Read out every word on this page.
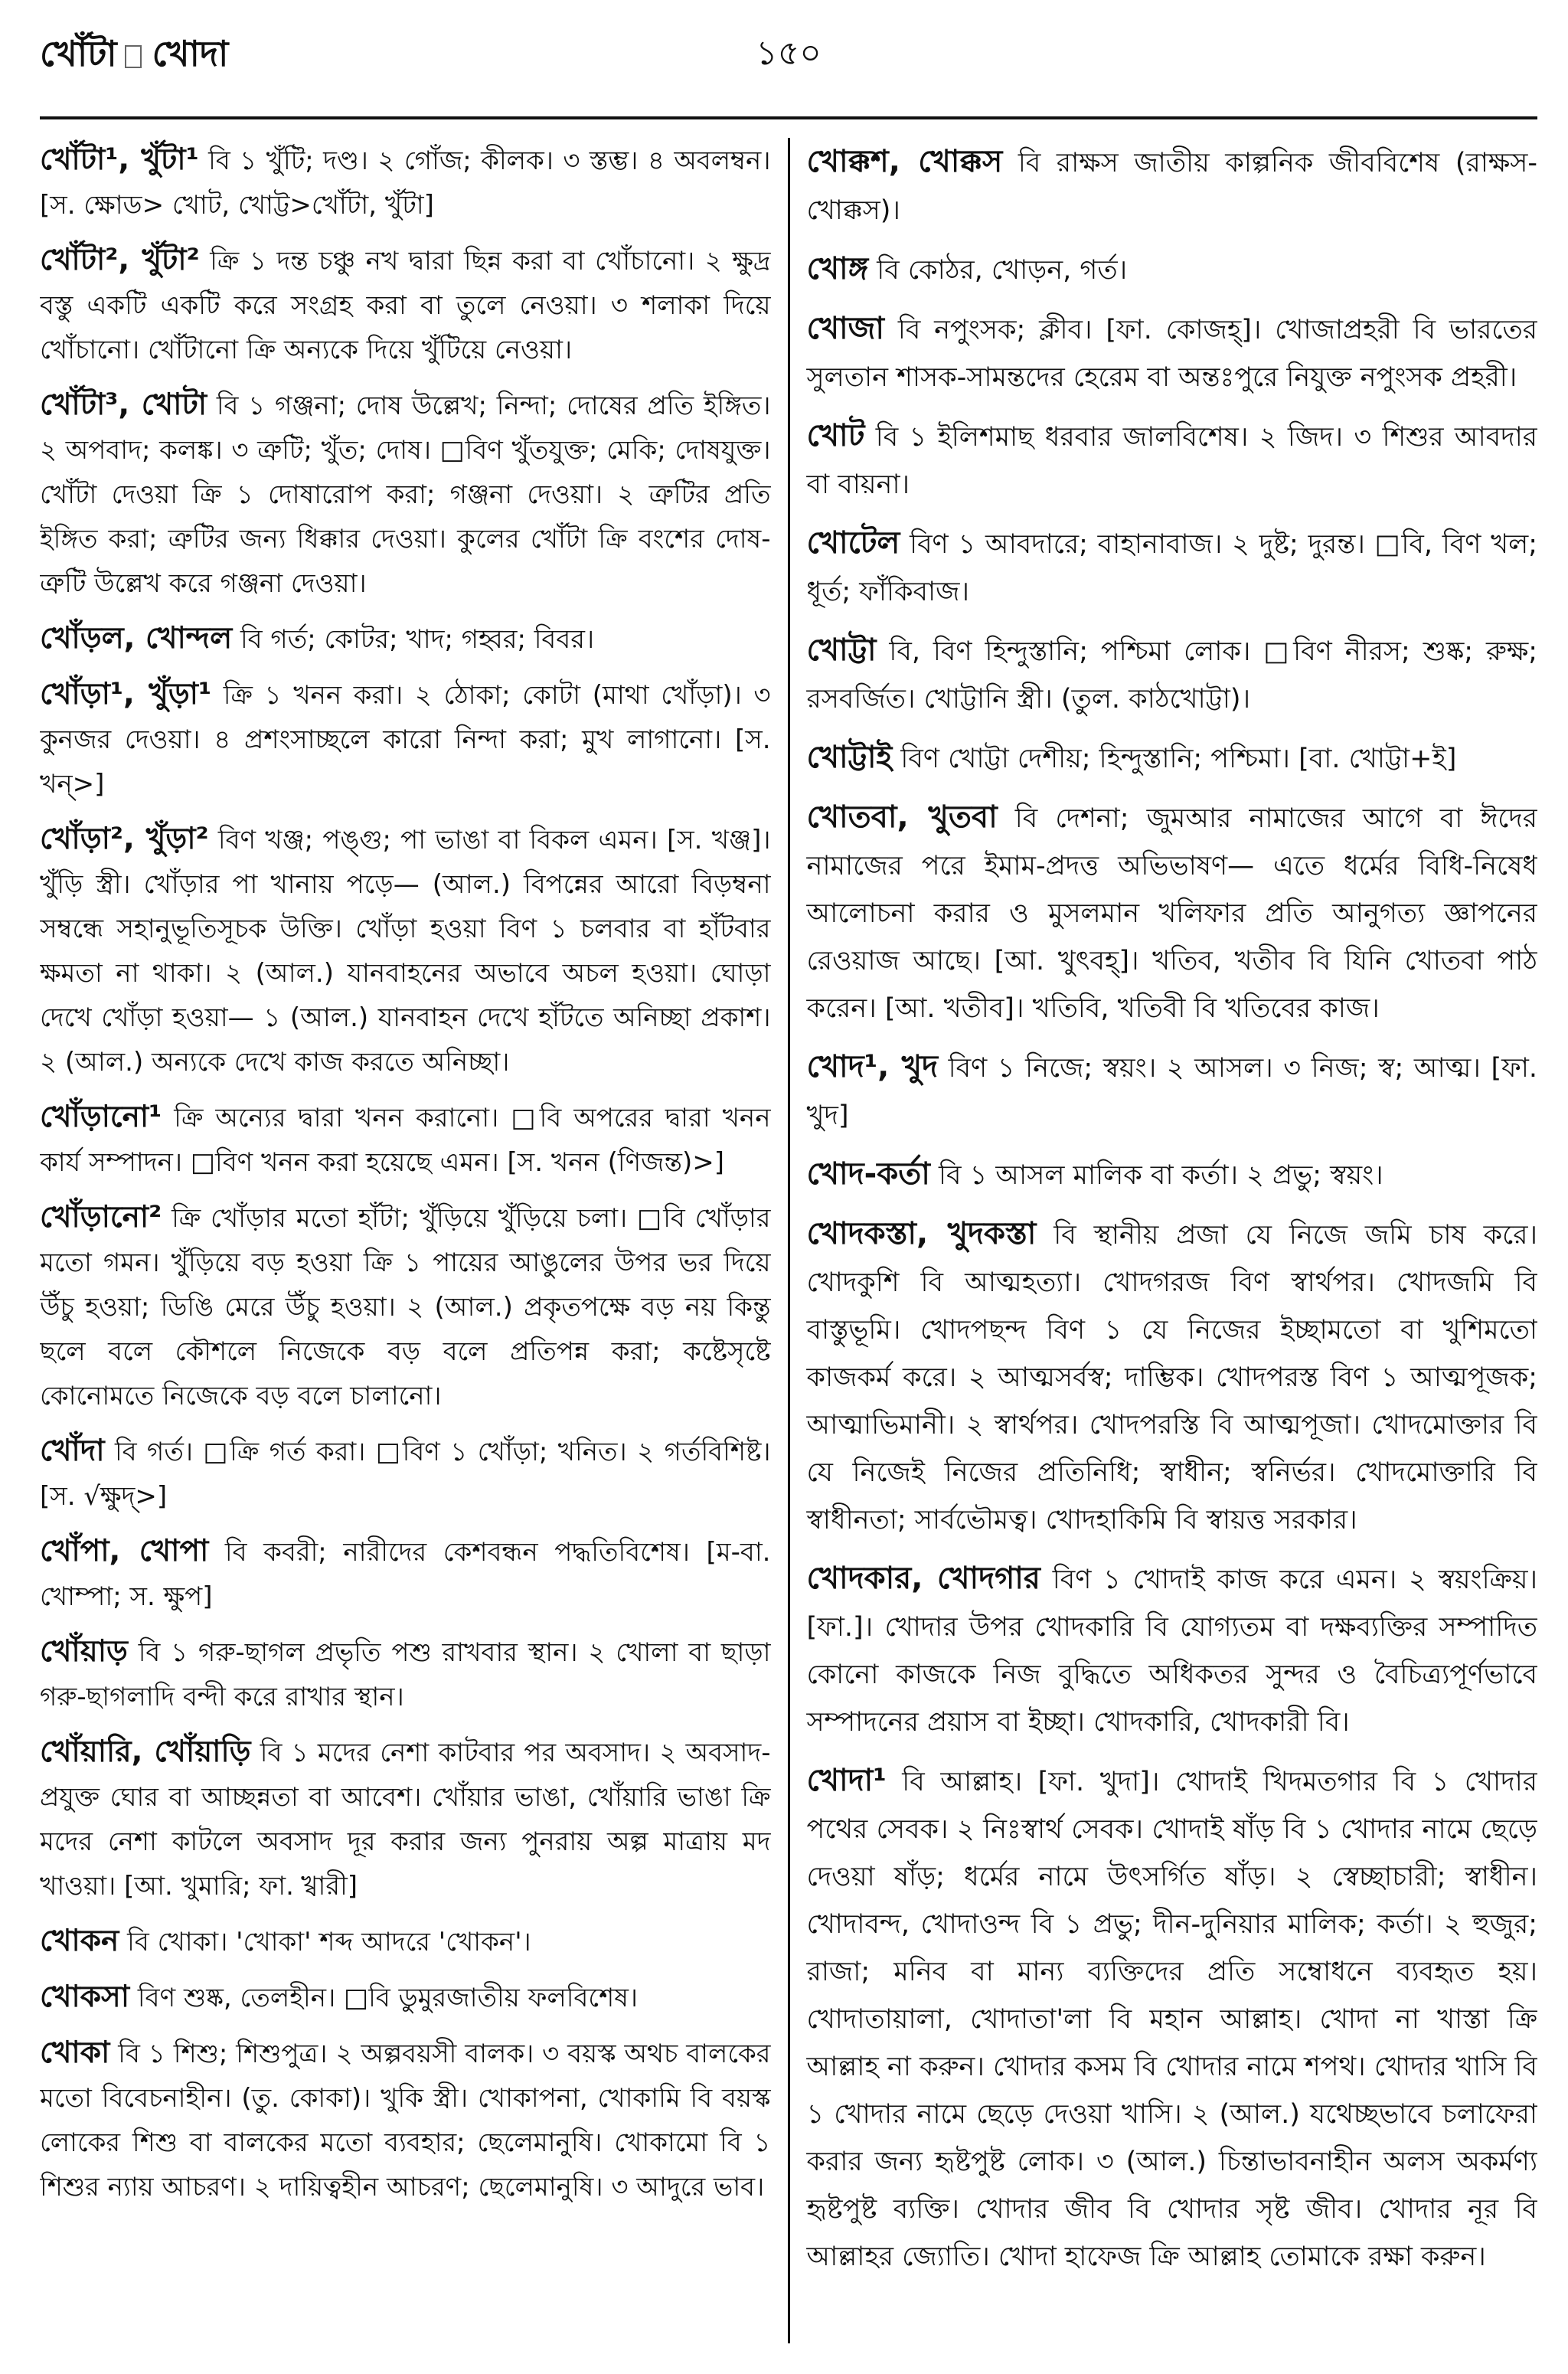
খোঁটা খোদা	১৫০

খোঁটা¹, খুঁটা¹ বি ১ খুঁটি; দণ্ড। ২ গোঁজ; কীলক। ৩ স্তম্ভ। ৪ অবলম্বন। [স. ক্ষোড> খোট, খোট্ট>খোঁটা, খুঁটা]

খোঁটা², খুঁটা² ক্রি ১ দন্ত চঞ্চু নখ দ্বারা ছিন্ন করা বা খোঁচানো। ২ ক্ষুদ্র বস্তু একটি একটি করে সংগ্রহ করা বা তুলে নেওয়া। ৩ শলাকা দিয়ে খোঁচানো। খোঁটানো ক্রি অন্যকে দিয়ে খুঁটিয়ে নেওয়া।

খোঁটা³, খোটা বি ১ গঞ্জনা; দোষ উল্লেখ; নিন্দা; দোষের প্রতি ইঙ্গিত। ২ অপবাদ; কলঙ্ক। ৩ ত্রুটি; খুঁত; দোষ। □বিণ খুঁতযুক্ত; মেকি; দোষযুক্ত। খোঁটা দেওয়া ক্রি ১ দোষারোপ করা; গঞ্জনা দেওয়া। ২ ত্রুটির প্রতি ইঙ্গিত করা; ত্রুটির জন্য ধিক্কার দেওয়া। কুলের খোঁটা ক্রি বংশের দোষ-ত্রুটি উল্লেখ করে গঞ্জনা দেওয়া।

খোঁড়ল, খোন্দল বি গর্ত; কোটর; খাদ; গহ্বর; বিবর।

খোঁড়া¹, খুঁড়া¹ ক্রি ১ খনন করা। ২ ঠোকা; কোটা (মাথা খোঁড়া)। ৩ কুনজর দেওয়া। ৪ প্রশংসাচ্ছলে কারো নিন্দা করা; মুখ লাগানো। [স. খন্>]

খোঁড়া², খুঁড়া² বিণ খঞ্জ; পঙ্গু; পা ভাঙা বা বিকল এমন। [স. খঞ্জ]। খুঁড়ি স্ত্রী। খোঁড়ার পা খানায় পড়ে— (আল.) বিপন্নের আরো বিড়ম্বনা সম্বন্ধে সহানুভূতিসূচক উক্তি। খোঁড়া হওয়া বিণ ১ চলবার বা হাঁটবার ক্ষমতা না থাকা। ২ (আল.) যানবাহনের অভাবে অচল হওয়া। ঘোড়া দেখে খোঁড়া হওয়া— ১ (আল.) যানবাহন দেখে হাঁটতে অনিচ্ছা প্রকাশ। ২ (আল.) অন্যকে দেখে কাজ করতে অনিচ্ছা।

খোঁড়ানো¹ ক্রি অন্যের দ্বারা খনন করানো। □বি অপরের দ্বারা খনন কার্য সম্পাদন। □বিণ খনন করা হয়েছে এমন। [স. খনন (ণিজন্ত)>]

খোঁড়ানো² ক্রি খোঁড়ার মতো হাঁটা; খুঁড়িয়ে খুঁড়িয়ে চলা। □বি খোঁড়ার মতো গমন। খুঁড়িয়ে বড় হওয়া ক্রি ১ পায়ের আঙুলের উপর ভর দিয়ে উঁচু হওয়া; ডিঙি মেরে উঁচু হওয়া। ২ (আল.) প্রকৃতপক্ষে বড় নয় কিন্তু ছলে বলে কৌশলে নিজেকে বড় বলে প্রতিপন্ন করা; কষ্টেসৃষ্টে কোনোমতে নিজেকে বড় বলে চালানো।

খোঁদা বি গর্ত। □ক্রি গর্ত করা। □বিণ ১ খোঁড়া; খনিত। ২ গর্তবিশিষ্ট। [স. √ক্ষুদ্>]

খোঁপা, খোপা বি কবরী; নারীদের কেশবন্ধন পদ্ধতিবিশেষ। [ম-বা. খোম্পা; স. ক্ষুপ]

খোঁয়াড় বি ১ গরু-ছাগল প্রভৃতি পশু রাখবার স্থান। ২ খোলা বা ছাড়া গরু-ছাগলাদি বন্দী করে রাখার স্থান।

খোঁয়ারি, খোঁয়াড়ি বি ১ মদের নেশা কাটবার পর অবসাদ। ২ অবসাদ-প্রযুক্ত ঘোর বা আচ্ছন্নতা বা আবেশ। খোঁয়ার ভাঙা, খোঁয়ারি ভাঙা ক্রি মদের নেশা কাটলে অবসাদ দূর করার জন্য পুনরায় অল্প মাত্রায় মদ খাওয়া। [আ. খুমারি; ফা. খ্বারী]

খোকন বি খোকা। 'খোকা' শব্দ আদরে 'খোকন'।

খোকসা বিণ শুষ্ক, তেলহীন। □বি ডুমুরজাতীয় ফলবিশেষ।

খোকা বি ১ শিশু; শিশুপুত্র। ২ অল্পবয়সী বালক। ৩ বয়স্ক অথচ বালকের মতো বিবেচনাহীন। (তু. কোকা)। খুকি স্ত্রী। খোকাপনা, খোকামি বি বয়স্ক লোকের শিশু বা বালকের মতো ব্যবহার; ছেলেমানুষি। খোকামো বি ১ শিশুর ন্যায় আচরণ। ২ দায়িত্বহীন আচরণ; ছেলেমানুষি। ৩ আদুরে ভাব।

খোক্কশ, খোক্কস বি রাক্ষস জাতীয় কাল্পনিক জীববিশেষ (রাক্ষস-খোক্কস)।

খোঙ্গ বি কোঠর, খোড়ন, গর্ত।

খোজা বি নপুংসক; ক্লীব। [ফা. কোজহ্]। খোজাপ্রহরী বি ভারতের সুলতান শাসক-সামন্তদের হেরেম বা অন্তঃপুরে নিযুক্ত নপুংসক প্রহরী।

খোট বি ১ ইলিশমাছ ধরবার জালবিশেষ। ২ জিদ। ৩ শিশুর আবদার বা বায়না।

খোটেল বিণ ১ আবদারে; বাহানাবাজ। ২ দুষ্ট; দুরন্ত। □বি, বিণ খল; ধূর্ত; ফাঁকিবাজ।

খোট্টা বি, বিণ হিন্দুস্তানি; পশ্চিমা লোক। □বিণ নীরস; শুষ্ক; রুক্ষ; রসবর্জিত। খোট্টানি স্ত্রী। (তুল. কাঠখোট্টা)।

খোট্টাই বিণ খোট্টা দেশীয়; হিন্দুস্তানি; পশ্চিমা। [বা. খোট্টা+ই]

খোতবা, খুতবা বি দেশনা; জুমআর নামাজের আগে বা ঈদের নামাজের পরে ইমাম-প্রদত্ত অভিভাষণ— এতে ধর্মের বিধি-নিষেধ আলোচনা করার ও মুসলমান খলিফার প্রতি আনুগত্য জ্ঞাপনের রেওয়াজ আছে। [আ. খুৎবহ্]। খতিব, খতীব বি যিনি খোতবা পাঠ করেন। [আ. খতীব]। খতিবি, খতিবী বি খতিবের কাজ।

খোদ¹, খুদ বিণ ১ নিজে; স্বয়ং। ২ আসল। ৩ নিজ; স্ব; আত্ম। [ফা. খুদ]

খোদ-কর্তা বি ১ আসল মালিক বা কর্তা। ২ প্রভু; স্বয়ং।

খোদকস্তা, খুদকস্তা বি স্থানীয় প্রজা যে নিজে জমি চাষ করে। খোদকুশি বি আত্মহত্যা। খোদগরজ বিণ স্বার্থপর। খোদজমি বি বাস্তুভূমি। খোদপছন্দ বিণ ১ যে নিজের ইচ্ছামতো বা খুশিমতো কাজকর্ম করে। ২ আত্মসর্বস্ব; দাম্ভিক। খোদপরস্ত বিণ ১ আত্মপূজক; আত্মাভিমানী। ২ স্বার্থপর। খোদপরস্তি বি আত্মপূজা। খোদমোক্তার বি যে নিজেই নিজের প্রতিনিধি; স্বাধীন; স্বনির্ভর। খোদমোক্তারি বি স্বাধীনতা; সার্বভৌমত্ব। খোদহাকিমি বি স্বায়ত্ত সরকার।

খোদকার, খোদগার বিণ ১ খোদাই কাজ করে এমন। ২ স্বয়ংক্রিয়। [ফা.]। খোদার উপর খোদকারি বি যোগ্যতম বা দক্ষব্যক্তির সম্পাদিত কোনো কাজকে নিজ বুদ্ধিতে অধিকতর সুন্দর ও বৈচিত্র্যপূর্ণভাবে সম্পাদনের প্রয়াস বা ইচ্ছা। খোদকারি, খোদকারী বি।

খোদা¹ বি আল্লাহ। [ফা. খুদা]। খোদাই খিদমতগার বি ১ খোদার পথের সেবক। ২ নিঃস্বার্থ সেবক। খোদাই ষাঁড় বি ১ খোদার নামে ছেড়ে দেওয়া ষাঁড়; ধর্মের নামে উৎসর্গিত ষাঁড়। ২ স্বেচ্ছাচারী; স্বাধীন। খোদাবন্দ, খোদাওন্দ বি ১ প্রভু; দীন-দুনিয়ার মালিক; কর্তা। ২ হুজুর; রাজা; মনিব বা মান্য ব্যক্তিদের প্রতি সম্বোধনে ব্যবহৃত হয়। খোদাতায়ালা, খোদাতা'লা বি মহান আল্লাহ। খোদা না খাস্তা ক্রি আল্লাহ না করুন। খোদার কসম বি খোদার নামে শপথ। খোদার খাসি বি ১ খোদার নামে ছেড়ে দেওয়া খাসি। ২ (আল.) যথেচ্ছভাবে চলাফেরা করার জন্য হৃষ্টপুষ্ট লোক। ৩ (আল.) চিন্তাভাবনাহীন অলস অকর্মণ্য হৃষ্টপুষ্ট ব্যক্তি। খোদার জীব বি খোদার সৃষ্ট জীব। খোদার নূর বি আল্লাহর জ্যোতি। খোদা হাফেজ ক্রি আল্লাহ তোমাকে রক্ষা করুন।
